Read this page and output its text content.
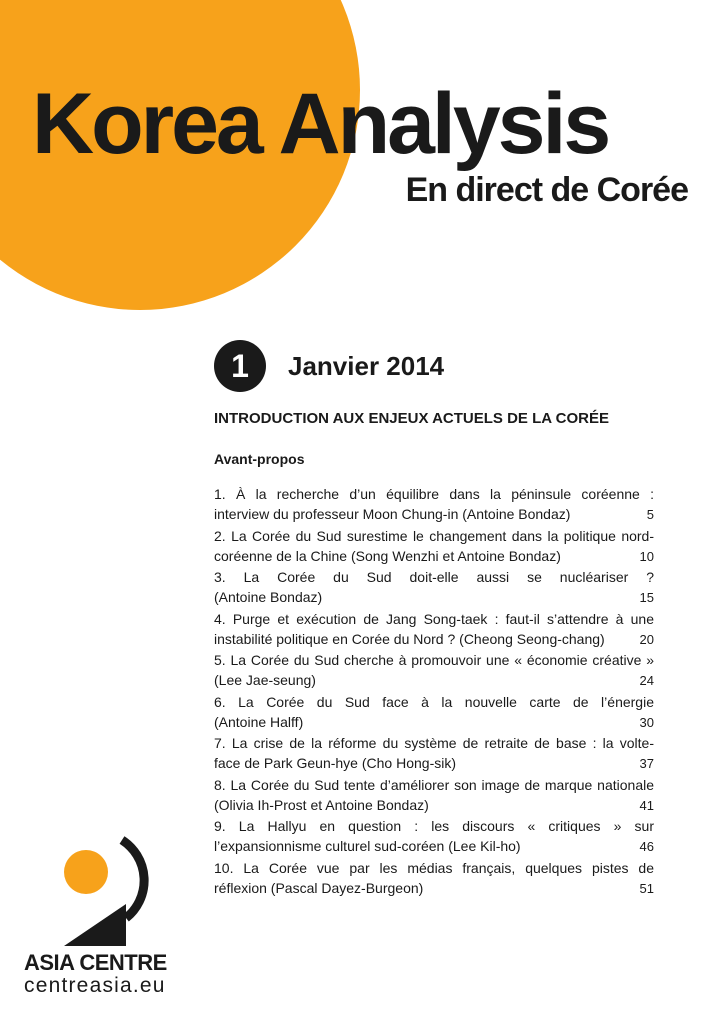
Korea Analysis
En direct de Corée
1	Janvier 2014
INTRODUCTION AUX ENJEUX ACTUELS DE LA CORÉE
Avant-propos
1. À la recherche d’un équilibre dans la péninsule coréenne :
interview du professeur Moon Chung-in (Antoine Bondaz)	5
2. La Corée du Sud surestime le changement dans la politique nord-
coréenne de la Chine (Song Wenzhi et Antoine Bondaz)	10
3. La Corée du Sud doit-elle aussi se nucléariser ?
(Antoine Bondaz)	15
4. Purge et exécution de Jang Song-taek : faut-il s’attendre à une
instabilité politique en Corée du Nord ? (Cheong Seong-chang)	20
5. La Corée du Sud cherche à promouvoir une « économie créative »
(Lee Jae-seung)	24
6. La Corée du Sud face à la nouvelle carte de l’énergie
(Antoine Halff)	30
7. La crise de la réforme du système de retraite de base : la volte-
face de Park Geun-hye (Cho Hong-sik)	37
8. La Corée du Sud tente d’améliorer son image de marque nationale
(Olivia Ih-Prost et Antoine Bondaz)	41
9. La Hallyu en question : les discours « critiques » sur
l’expansionnisme culturel sud-coréen (Lee Kil-ho)	46
10. La Corée vue par les médias français, quelques pistes de
réflexion (Pascal Dayez-Burgeon)	51

ASIA CENTRE

centreasia.eu
